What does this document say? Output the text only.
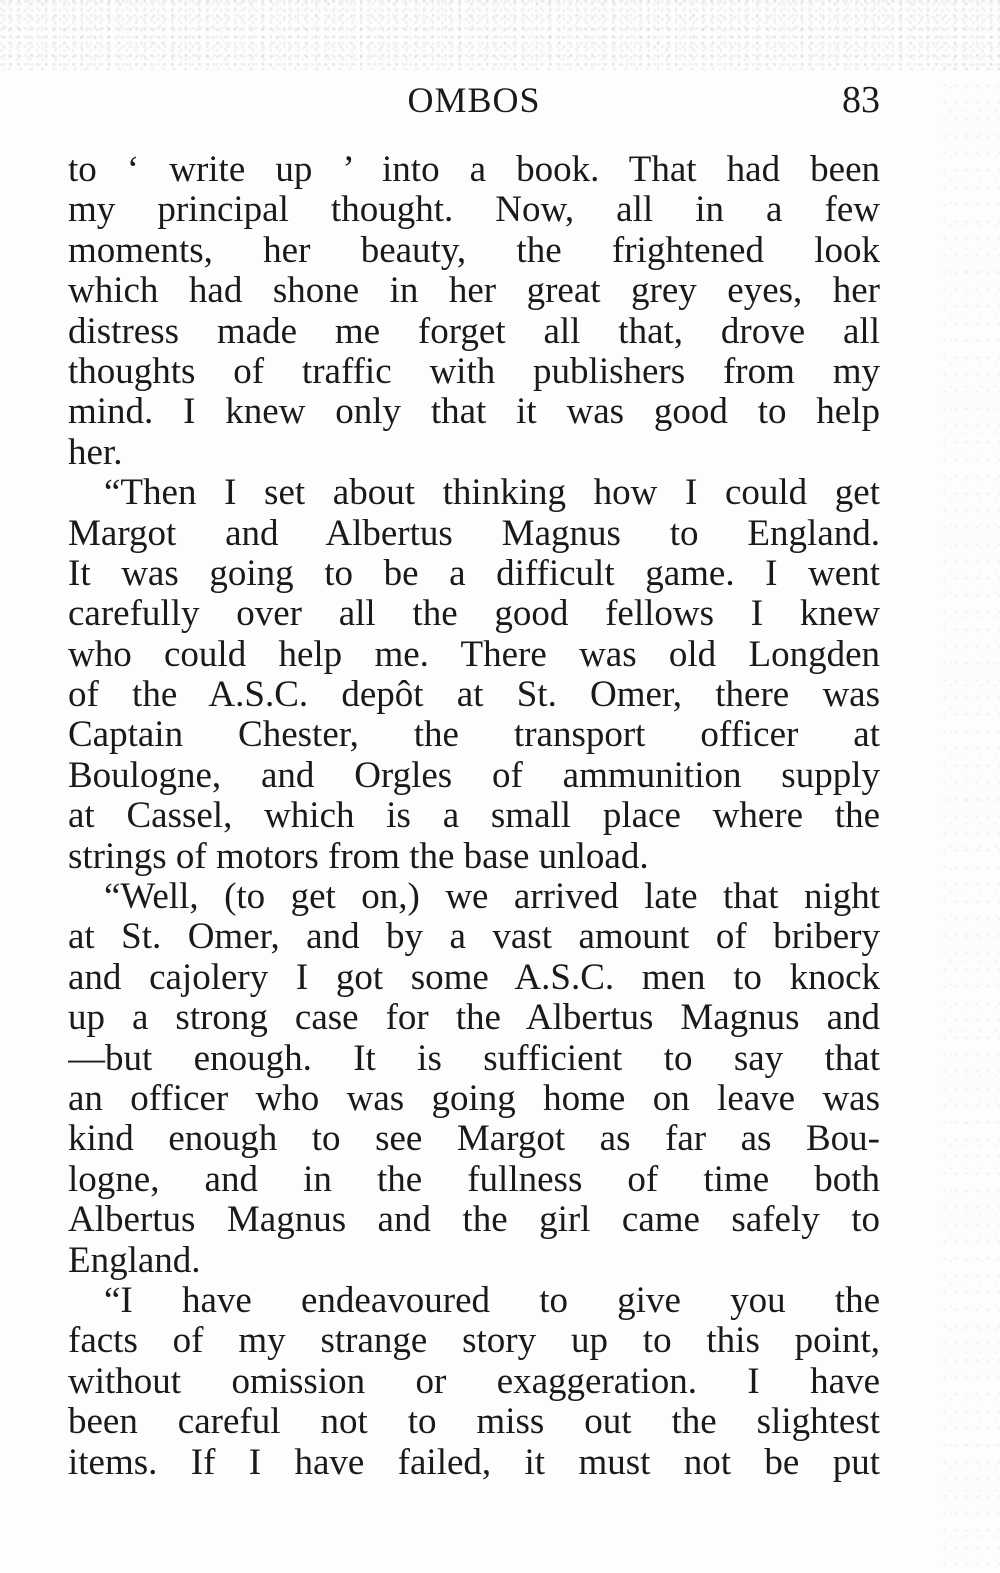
OMBOS	83
to ‘ write up ’ into a book. That had been
my principal thought. Now, all in a few
moments, her beauty, the frightened look
which had shone in her great grey eyes, her
distress made me forget all that, drove all
thoughts of traffic with publishers from my
mind. I knew only that it was good to help
her.
“Then I set about thinking how I could get
Margot and Albertus Magnus to England.
It was going to be a difficult game. I went
carefully over all the good fellows I knew
who could help me. There was old Longden
of the A.S.C. depôt at St. Omer, there was
Captain Chester, the transport officer at
Boulogne, and Orgles of ammunition supply
at Cassel, which is a small place where the
strings of motors from the base unload.
“Well, (to get on,) we arrived late that night
at St. Omer, and by a vast amount of bribery
and cajolery I got some A.S.C. men to knock
up a strong case for the Albertus Magnus and
—but enough. It is sufficient to say that
an officer who was going home on leave was
kind enough to see Margot as far as Bou-
logne, and in the fullness of time both
Albertus Magnus and the girl came safely to
England.
“I have endeavoured to give you the
facts of my strange story up to this point,
without omission or exaggeration. I have
been careful not to miss out the slightest
items. If I have failed, it must not be put
